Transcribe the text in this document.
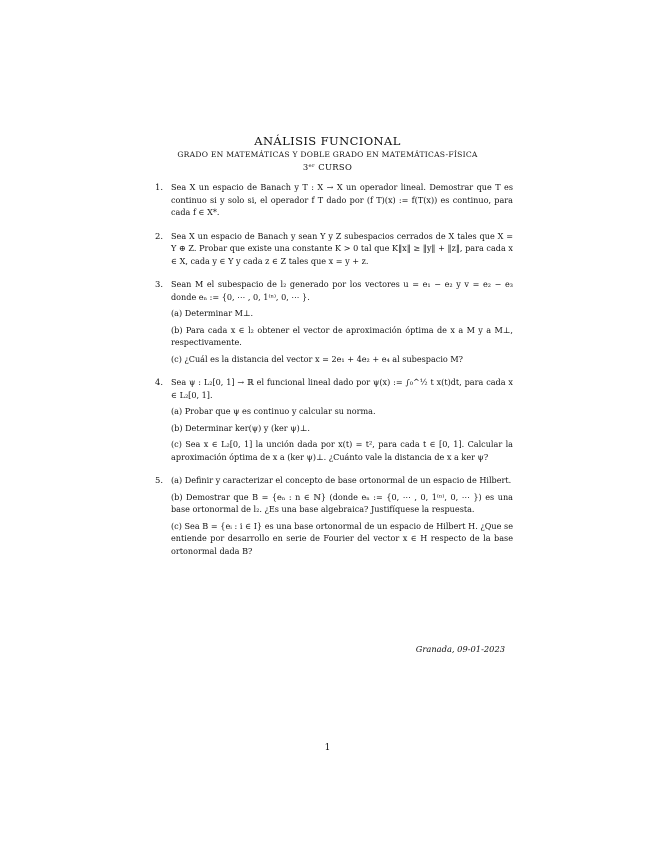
ANÁLISIS FUNCIONAL
GRADO EN MATEMÁTICAS Y DOBLE GRADO EN MATEMÁTICAS-FÍSICA
3ᵉʳ CURSO
1. Sea X un espacio de Banach y T : X → X un operador lineal. Demostrar que T es continuo si y solo si, el operador f T dado por (f T)(x) := f(T(x)) es continuo, para cada f ∈ X*.

2. Sea X un espacio de Banach y sean Y y Z subespacios cerrados de X tales que X = Y ⊕ Z. Probar que existe una constante K > 0 tal que K‖x‖ ≥ ‖y‖ + ‖z‖, para cada x ∈ X, cada y ∈ Y y cada z ∈ Z tales que x = y + z.

3. Sean M el subespacio de l₂ generado por los vectores u = e₁ − e₂ y v = e₂ − e₃ donde eₙ := {0, ⋯ , 0, 1⁽ⁿ⁾, 0, ⋯ }.

(a) Determinar M⊥.

(b) Para cada x ∈ l₂ obtener el vector de aproximación óptima de x a M y a M⊥, respectivamente.

(c) ¿Cuál es la distancia del vector x = 2e₁ + 4e₂ + e₄ al subespacio M?

4. Sea ψ : L₂[0, 1] → ℝ el funcional lineal dado por ψ(x) := ∫₀^½ t x(t)dt, para cada x ∈ L₂[0, 1].

(a) Probar que ψ es continuo y calcular su norma.

(b) Determinar ker(ψ) y (ker ψ)⊥.

(c) Sea x ∈ L₂[0, 1] la unción dada por x(t) = t², para cada t ∈ [0, 1]. Calcular la aproximación óptima de x a (ker ψ)⊥. ¿Cuánto vale la distancia de x a ker ψ?

5. (a) Definir y caracterizar el concepto de base ortonormal de un espacio de Hilbert.

(b) Demostrar que B = {eₙ : n ∈ ℕ} (donde eₙ := {0, ⋯ , 0, 1⁽ⁿ⁾, 0, ⋯ }) es una base ortonormal de l₂. ¿Es una base algebraica? Justifíquese la respuesta.

(c) Sea B = {eᵢ : i ∈ I} es una base ortonormal de un espacio de Hilbert H. ¿Que se entiende por desarrollo en serie de Fourier del vector x ∈ H respecto de la base ortonormal dada B?

Granada, 09-01-2023
1
